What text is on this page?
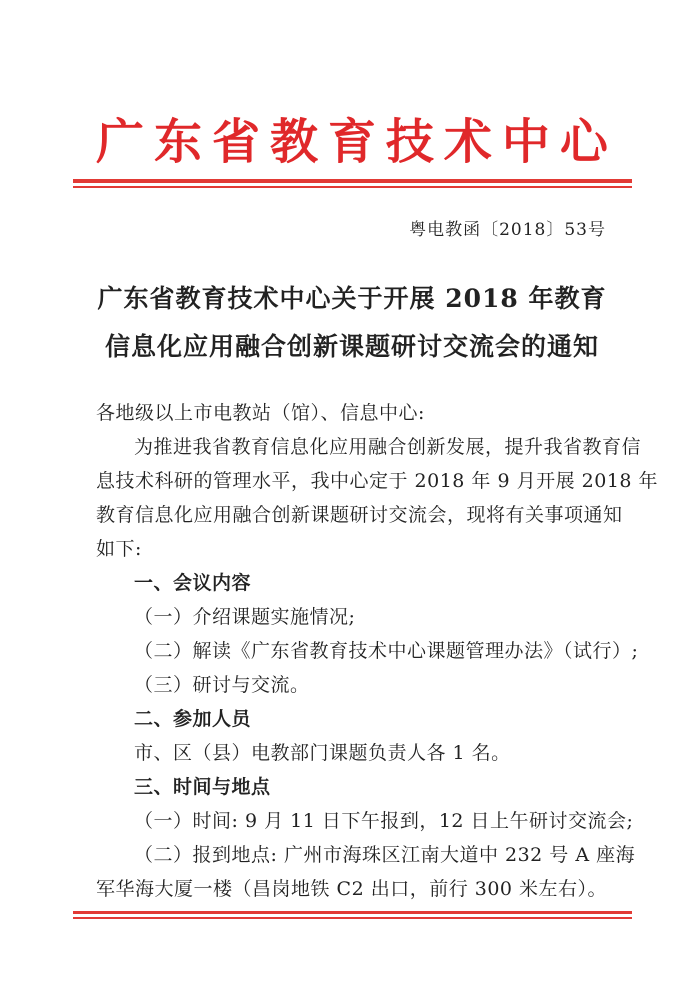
广 东 省 教 育 技 术 中 心
粤电教函〔2018〕53号
广东省教育技术中心关于开展 2018 年教育
信息化应用融合创新课题研讨交流会的通知
各地级以上市电教站（馆）、信息中心:
为推进我省教育信息化应用融合创新发展，提升我省教育信
息技术科研的管理水平，我中心定于 2018 年 9 月开展 2018 年
教育信息化应用融合创新课题研讨交流会，现将有关事项通知
如下:
一、会议内容
（一）介绍课题实施情况;
（二）解读《广东省教育技术中心课题管理办法》（试行）;
（三）研讨与交流。
二、参加人员
市、区（县）电教部门课题负责人各 1 名。
三、时间与地点
（一）时间: 9 月 11 日下午报到，12 日上午研讨交流会;
（二）报到地点: 广州市海珠区江南大道中 232 号 A 座海
军华海大厦一楼（昌岗地铁 C2 出口，前行 300 米左右）。
